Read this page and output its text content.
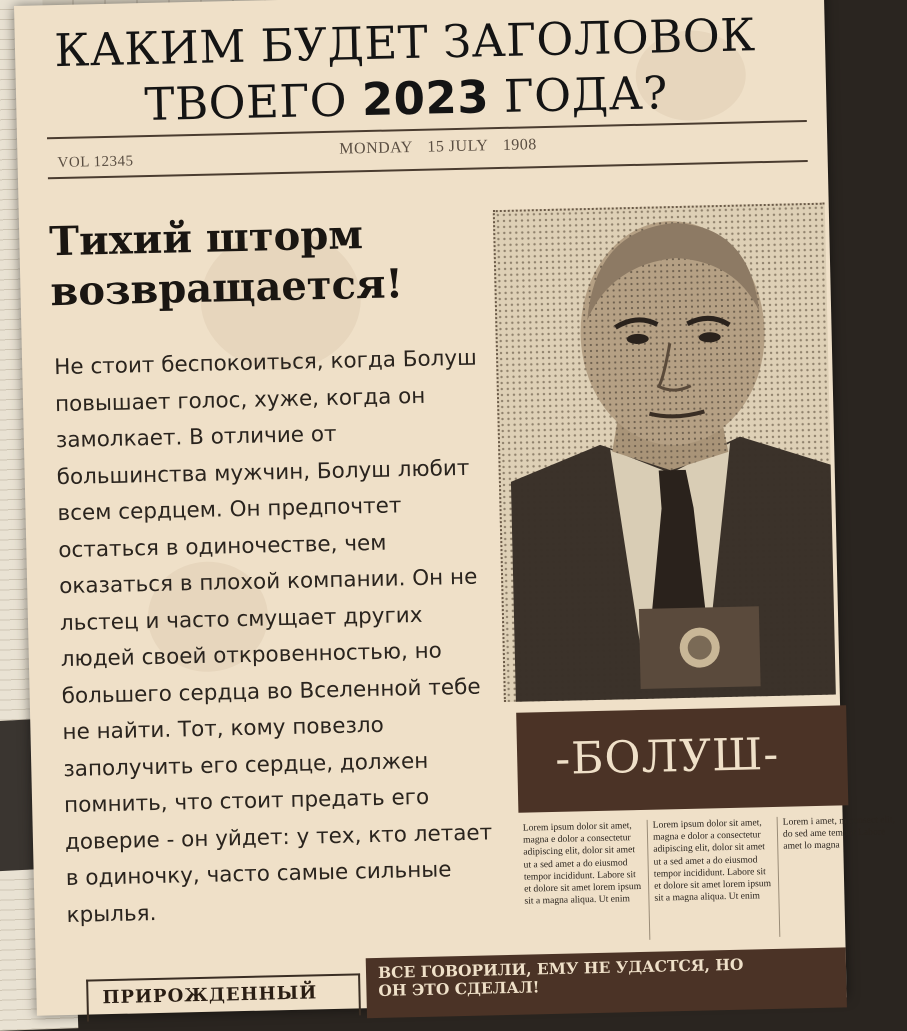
КАКИМ БУДЕТ ЗАГОЛОВОК
ТВОЕГО 2023 ГОДА?
VOL 12345
MONDAY 15 JULY 1908
Тихий шторм
возвращается!
Не стоит беспокоиться, когда Болуш повышает голос, хуже, когда он замолкает. В отличие от большинства мужчин, Болуш любит всем сердцем. Он предпочтет остаться в одиночестве, чем оказаться в плохой компании. Он не льстец и часто смущает других людей своей откровенностью, но большего сердца во Вселенной тебе не найти. Тот, кому повезло заполучить его сердце, должен помнить, что стоит предать его доверие - он уйдет: у тех, кто летает в одиночку, часто самые сильные крылья.
-БОЛУШ-
Lorem ipsum dolor sit amet, magna e dolor a consectetur adipiscing elit, dolor sit amet ut a sed amet a do eiusmod tempor incididunt. Labore sit et dolore sit amet lorem ipsum sit a magna aliqua. Ut enim
Lorem ipsum dolor sit amet, magna e dolor a consectetur adipiscing elit, dolor sit amet ut a sed amet a do eiusmod tempor incididunt. Labore sit et dolore sit amet lorem ipsum sit a magna aliqua. Ut enim
Lorem i amet, m consect elit, do sed ame tempor Labore amet lo magna
ПРИРОЖДЕННЫЙ
ВСЕ ГОВОРИЛИ, ЕМУ НЕ УДАСТСЯ, НО
ОН ЭТО СДЕЛАЛ!
